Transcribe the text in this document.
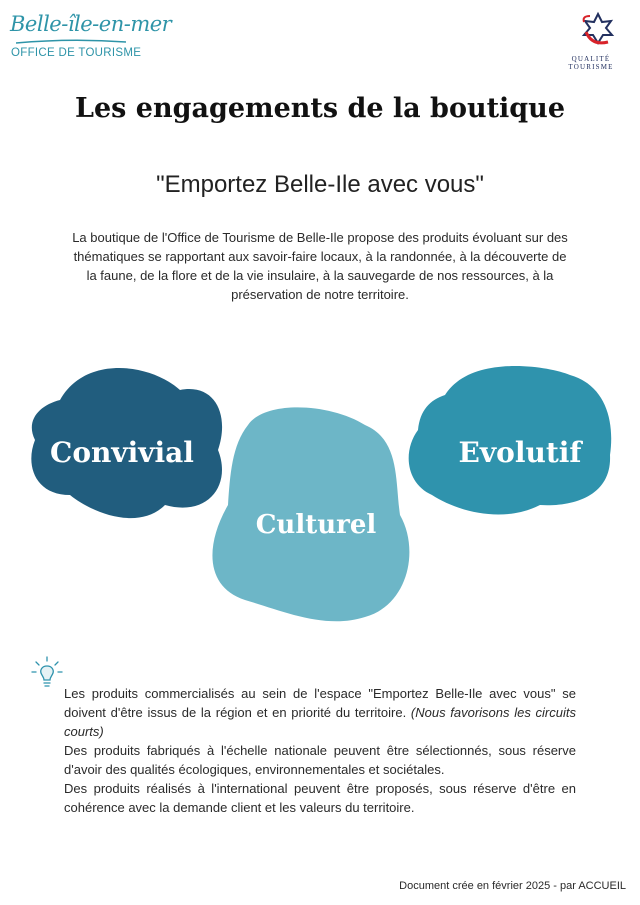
Belle-île-en-mer
OFFICE DE TOURISME	QUALITÉ
TOURISME
Les engagements de la boutique
"Emportez Belle-Ile avec vous"
La boutique de l'Office de Tourisme de Belle-Ile propose des produits évoluant sur des thématiques se rapportant aux savoir-faire locaux, à la randonnée, à la découverte de la faune, de la flore et de la vie insulaire, à la sauvegarde de nos ressources, à la préservation de notre territoire.
Convivial	Evolutif
Culturel

Les produits commercialisés au sein de l'espace "Emportez Belle-Ile avec vous" se doivent d'être issus de la région et en priorité du territoire. (Nous favorisons les circuits courts)

Des produits fabriqués à l'échelle nationale peuvent être sélectionnés, sous réserve d'avoir des qualités écologiques, environnementales et sociétales.

Des produits réalisés à l'international peuvent être proposés, sous réserve d'être en cohérence avec la demande client et les valeurs du territoire.

Document crée en février 2025 - par ACCUEIL
